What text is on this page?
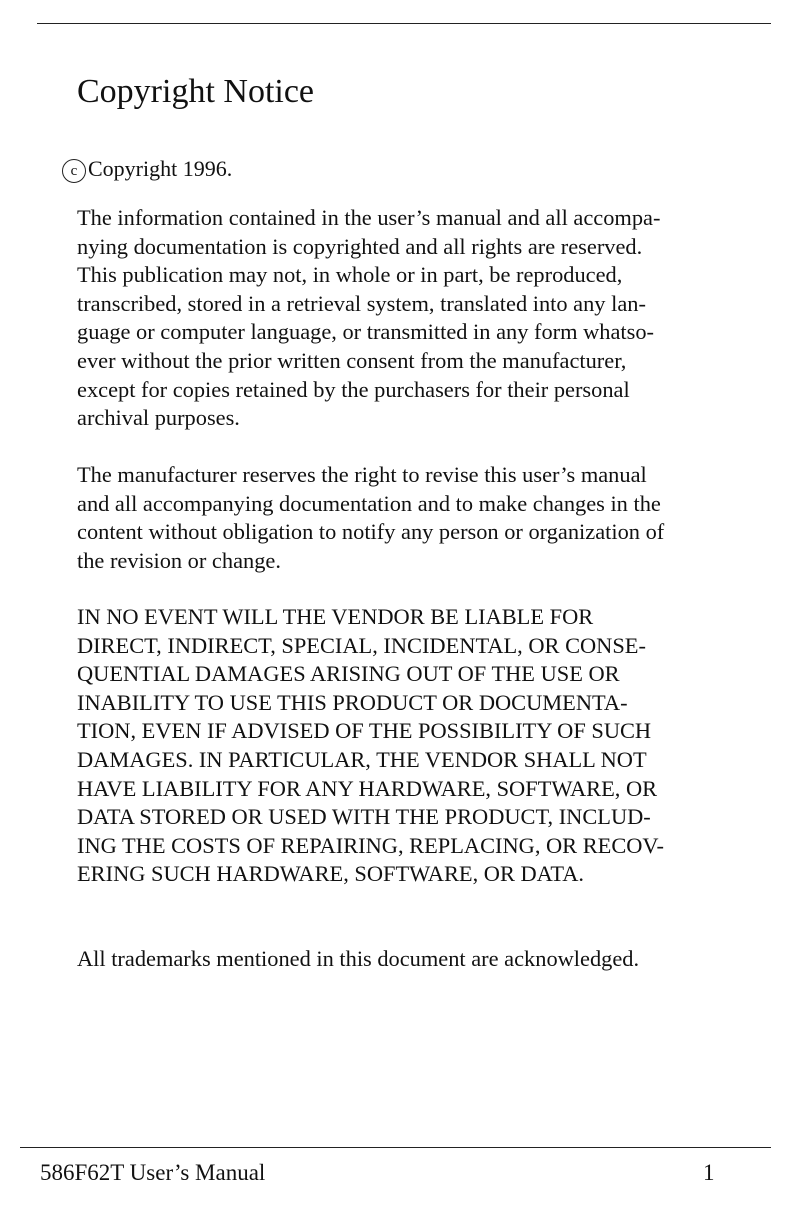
Copyright Notice
c Copyright 1996.

The information contained in the user’s manual and all accompa-
nying documentation is copyrighted and all rights are reserved.
This publication may not, in whole or in part, be reproduced,
transcribed, stored in a retrieval system, translated into any lan-
guage or computer language, or transmitted in any form whatso-
ever without the prior written consent from the manufacturer,
except for copies retained by the purchasers for their personal
archival purposes.

The manufacturer reserves the right to revise this user’s manual
and all accompanying documentation and to make changes in the
content without obligation to notify any person or organization of
the revision or change.

IN NO EVENT WILL THE VENDOR BE LIABLE FOR
DIRECT, INDIRECT, SPECIAL, INCIDENTAL, OR CONSE-
QUENTIAL DAMAGES ARISING OUT OF THE USE OR
INABILITY TO USE THIS PRODUCT OR DOCUMENTA-
TION, EVEN IF ADVISED OF THE POSSIBILITY OF SUCH
DAMAGES. IN PARTICULAR, THE VENDOR SHALL NOT
HAVE LIABILITY FOR ANY HARDWARE, SOFTWARE, OR
DATA STORED OR USED WITH THE PRODUCT, INCLUD-
ING THE COSTS OF REPAIRING, REPLACING, OR RECOV-
ERING SUCH HARDWARE, SOFTWARE, OR DATA.

All trademarks mentioned in this document are acknowledged.

586F62T User’s Manual	1
